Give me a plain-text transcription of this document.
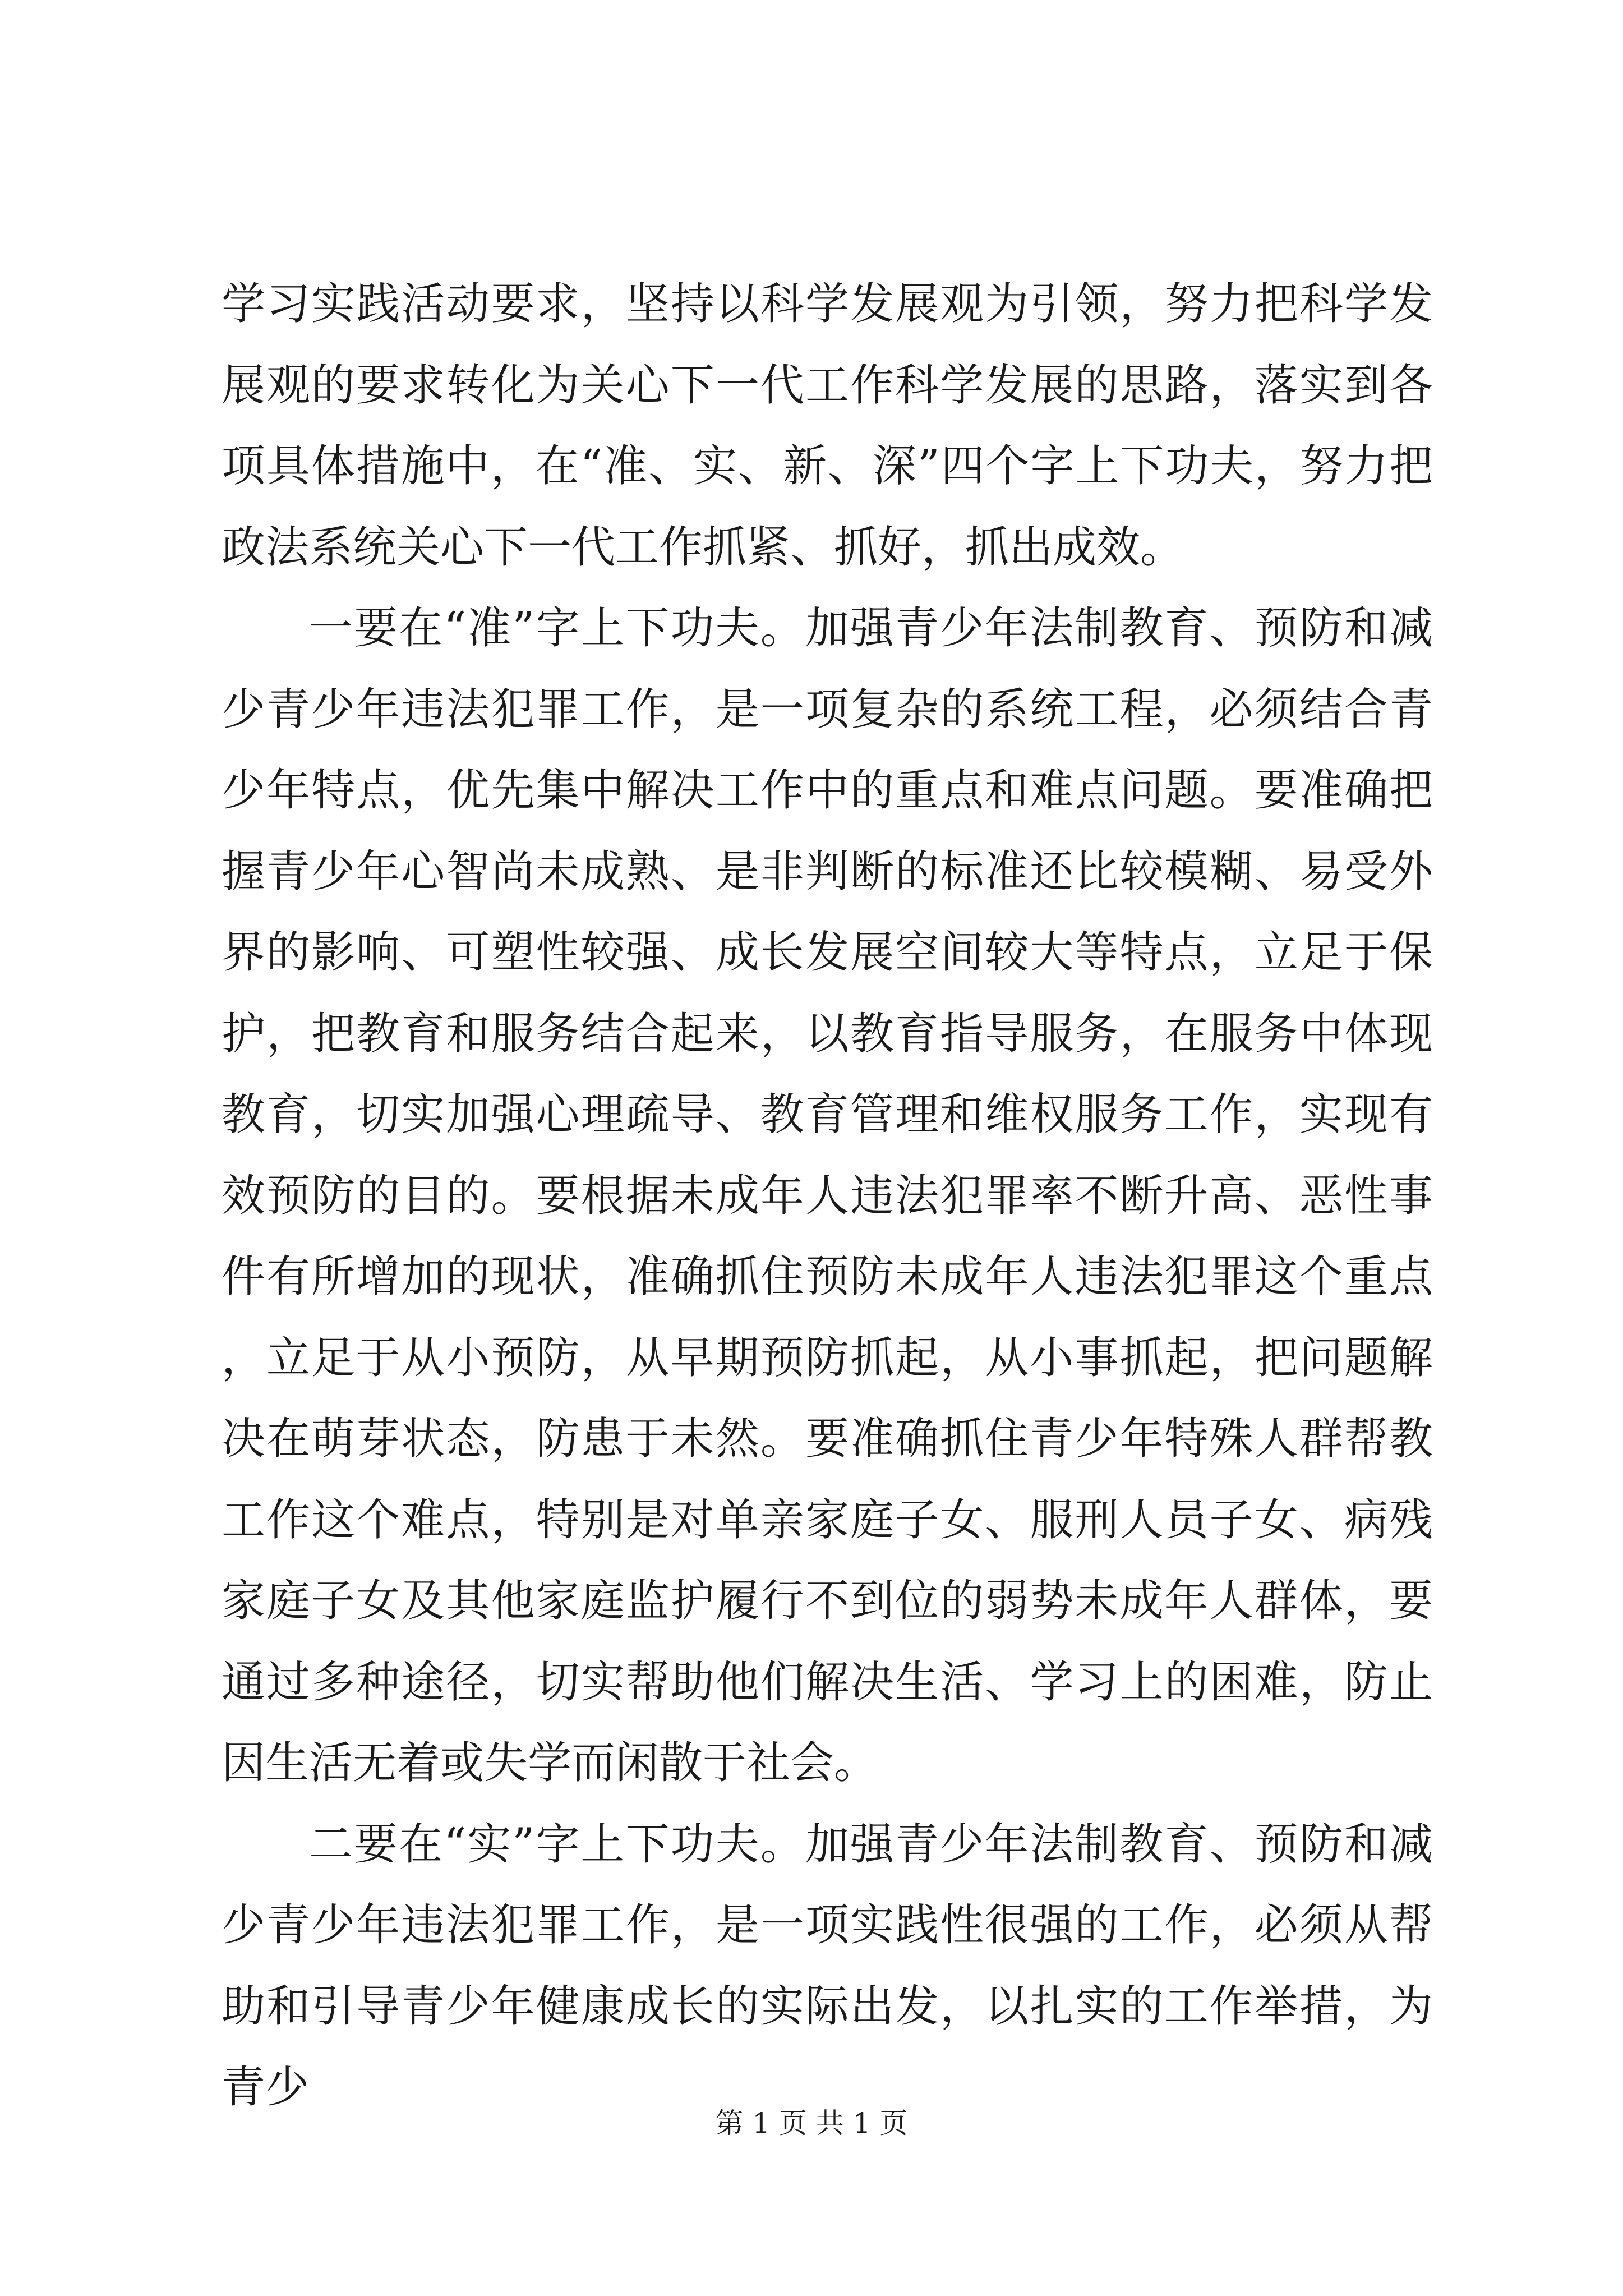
学习实践活动要求，坚持以科学发展观为引领，努力把科学发展观的要求转化为关心下一代工作科学发展的思路，落实到各项具体措施中，在“准、实、新、深”四个字上下功夫，努力把政法系统关心下一代工作抓紧、抓好，抓出成效。

一要在“准”字上下功夫。加强青少年法制教育、预防和减少青少年违法犯罪工作，是一项复杂的系统工程，必须结合青少年特点，优先集中解决工作中的重点和难点问题。要准确把握青少年心智尚未成熟、是非判断的标准还比较模糊、易受外界的影响、可塑性较强、成长发展空间较大等特点，立足于保护，把教育和服务结合起来，以教育指导服务，在服务中体现教育，切实加强心理疏导、教育管理和维权服务工作，实现有效预防的目的。要根据未成年人违法犯罪率不断升高、恶性事件有所增加的现状，准确抓住预防未成年人违法犯罪这个重点，立足于从小预防，从早期预防抓起，从小事抓起，把问题解决在萌芽状态，防患于未然。要准确抓住青少年特殊人群帮教工作这个难点，特别是对单亲家庭子女、服刑人员子女、病残家庭子女及其他家庭监护履行不到位的弱势未成年人群体，要通过多种途径，切实帮助他们解决生活、学习上的困难，防止因生活无着或失学而闲散于社会。

二要在“实”字上下功夫。加强青少年法制教育、预防和减少青少年违法犯罪工作，是一项实践性很强的工作，必须从帮助和引导青少年健康成长的实际出发，以扎实的工作举措，为青少

第 1 页 共 1 页
